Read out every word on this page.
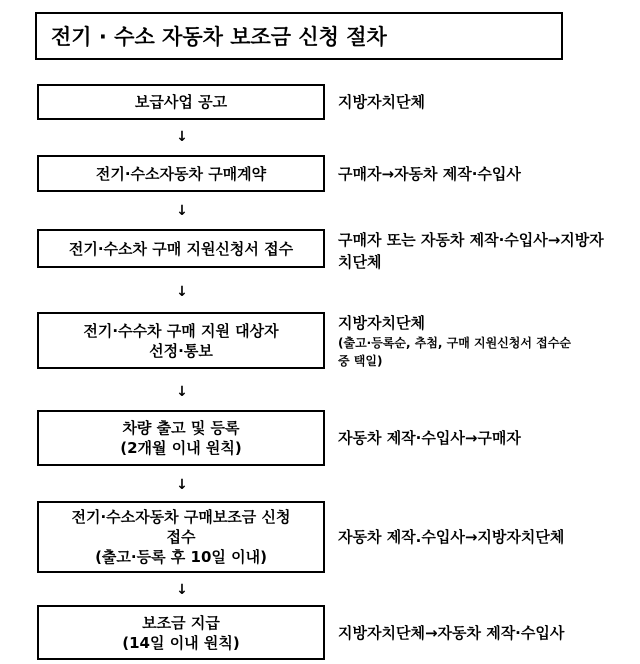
전기 · 수소 자동차 보조금 신청 절차
보급사업 공고	지방자치단체
↓
전기·수소자동차 구매계약	구매자→자동차 제작·수입사
↓
전기·수소차 구매 지원신청서 접수	구매자 또는 자동차 제작·수입사→지방자
치단체
↓
전기·수수차 구매 지원 대상자
선정·통보
지방자치단체
(출고·등록순, 추첨, 구매 지원신청서 접수순
중 택일)
↓
차량 출고 및 등록
(2개월 이내 원칙)
자동차 제작·수입사→구매자
↓
전기·수소자동차 구매보조금 신청
접수
(출고·등록 후 10일 이내)
자동차 제작.수입사→지방자치단체
↓
보조금 지급
(14일 이내 원칙)
지방자치단체→자동차 제작·수입사
